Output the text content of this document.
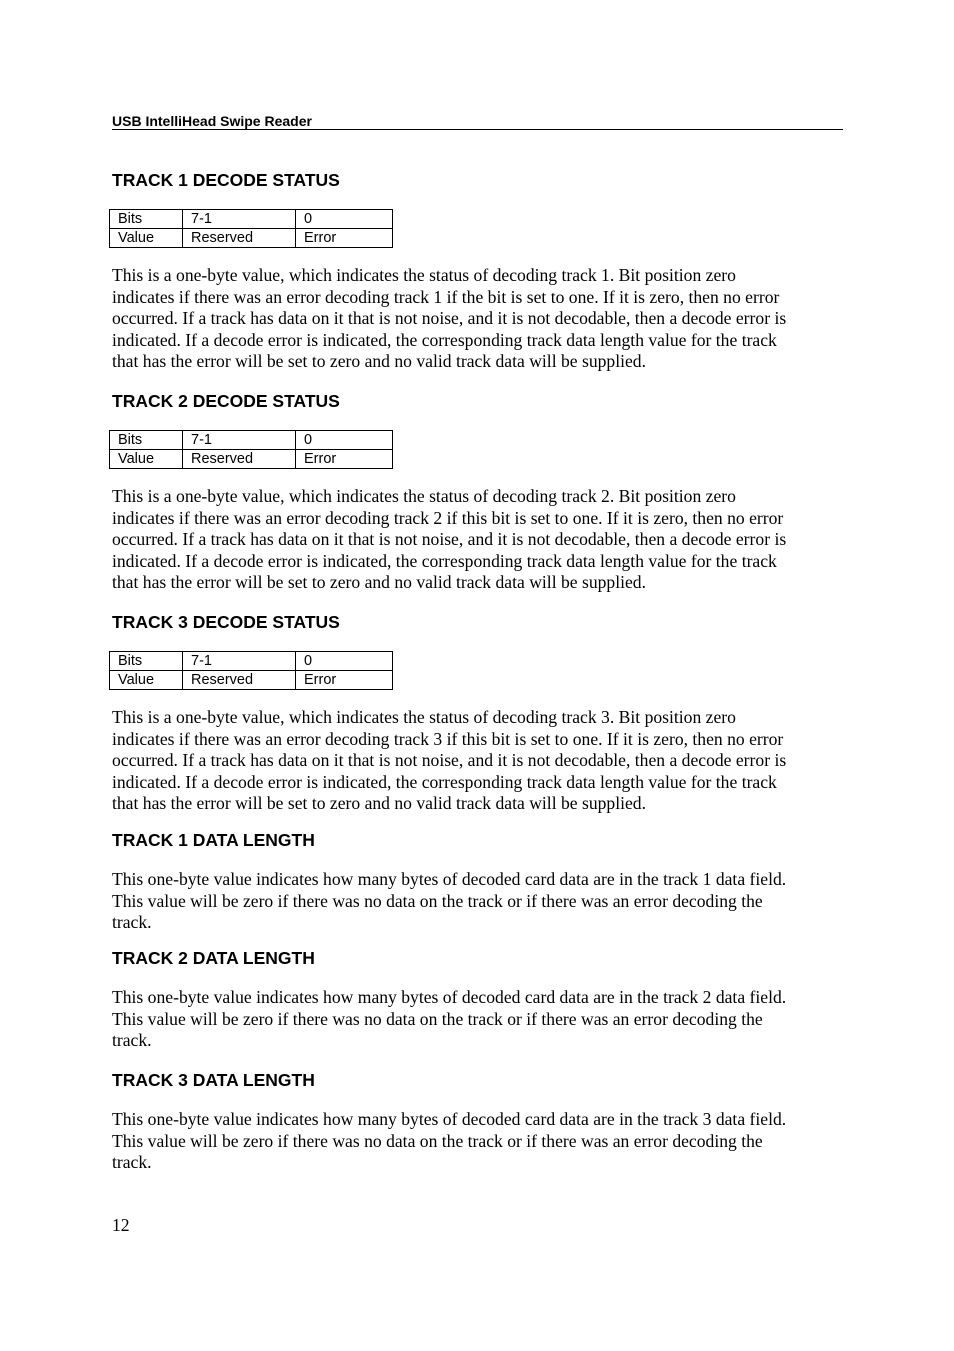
USB IntelliHead Swipe Reader
TRACK 1 DECODE STATUS
Bits	7-1	0
Value	Reserved	Error

This is a one-byte value, which indicates the status of decoding track 1. Bit position zero
indicates if there was an error decoding track 1 if the bit is set to one. If it is zero, then no error
occurred. If a track has data on it that is not noise, and it is not decodable, then a decode error is
indicated. If a decode error is indicated, the corresponding track data length value for the track
that has the error will be set to zero and no valid track data will be supplied.

TRACK 2 DECODE STATUS
Bits	7-1	0
Value	Reserved	Error

This is a one-byte value, which indicates the status of decoding track 2. Bit position zero
indicates if there was an error decoding track 2 if this bit is set to one. If it is zero, then no error
occurred. If a track has data on it that is not noise, and it is not decodable, then a decode error is
indicated. If a decode error is indicated, the corresponding track data length value for the track
that has the error will be set to zero and no valid track data will be supplied.

TRACK 3 DECODE STATUS
Bits	7-1	0
Value	Reserved	Error

This is a one-byte value, which indicates the status of decoding track 3. Bit position zero
indicates if there was an error decoding track 3 if this bit is set to one. If it is zero, then no error
occurred. If a track has data on it that is not noise, and it is not decodable, then a decode error is
indicated. If a decode error is indicated, the corresponding track data length value for the track
that has the error will be set to zero and no valid track data will be supplied.

TRACK 1 DATA LENGTH

This one-byte value indicates how many bytes of decoded card data are in the track 1 data field.
This value will be zero if there was no data on the track or if there was an error decoding the
track.

TRACK 2 DATA LENGTH

This one-byte value indicates how many bytes of decoded card data are in the track 2 data field.
This value will be zero if there was no data on the track or if there was an error decoding the
track.

TRACK 3 DATA LENGTH

This one-byte value indicates how many bytes of decoded card data are in the track 3 data field.
This value will be zero if there was no data on the track or if there was an error decoding the
track.

12
